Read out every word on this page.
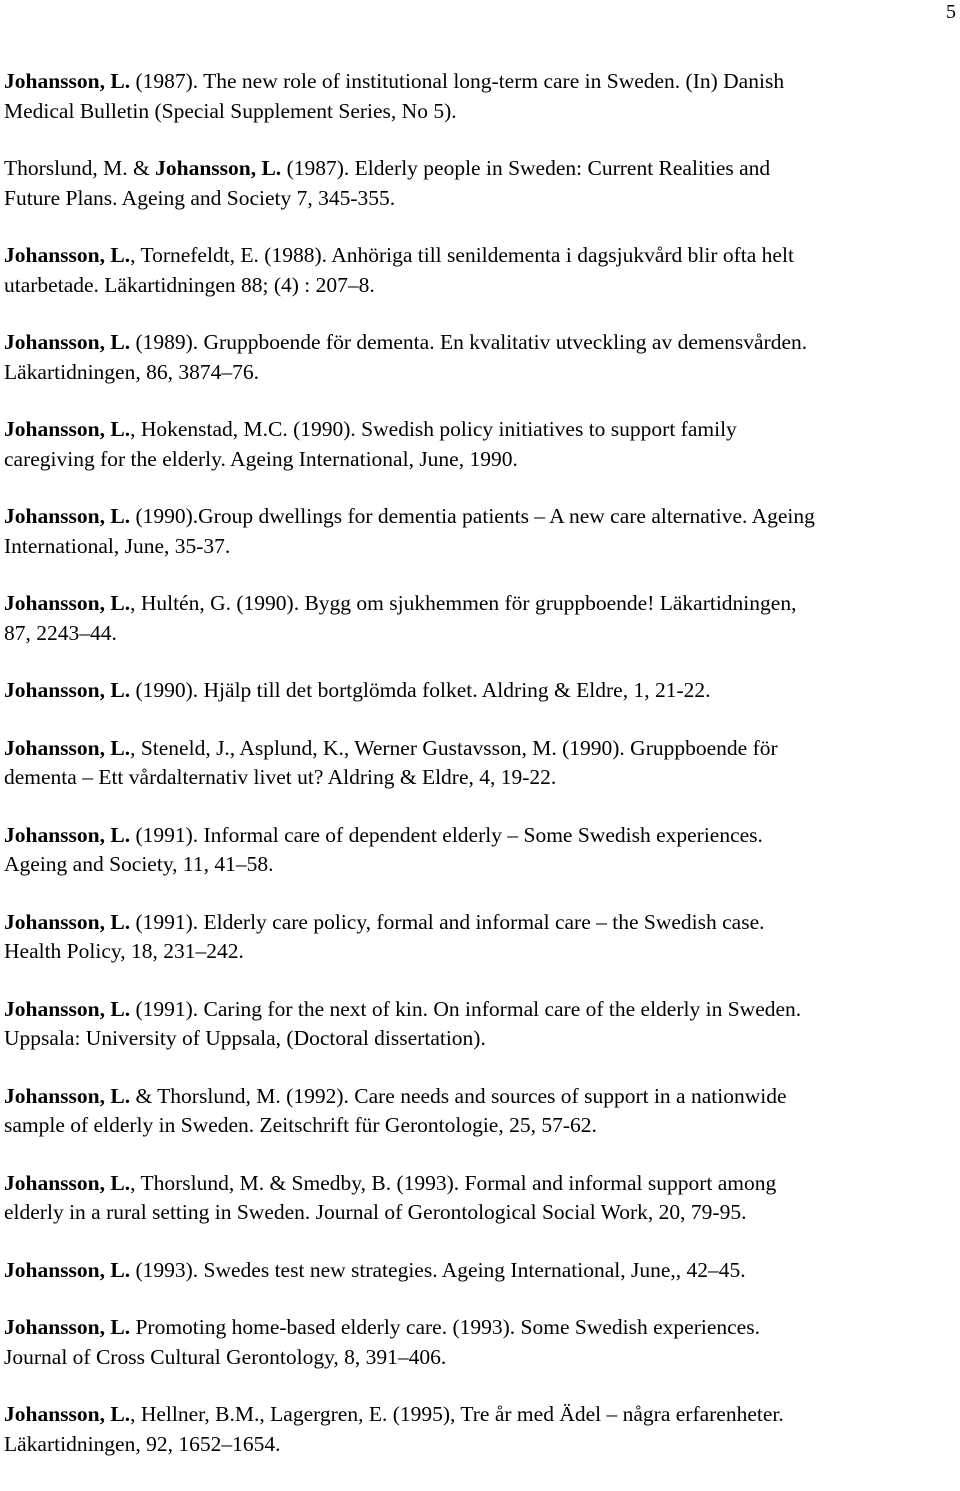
5
Johansson, L. (1987). The new role of institutional long-term care in Sweden. (In) Danish
Medical Bulletin (Special Supplement Series, No 5).
Thorslund, M. & Johansson, L. (1987). Elderly people in Sweden: Current Realities and
Future Plans. Ageing and Society 7, 345-355.
Johansson, L., Tornefeldt, E. (1988). Anhöriga till senildementa i dagsjukvård blir ofta helt
utarbetade. Läkartidningen 88; (4) : 207–8.
Johansson, L. (1989). Gruppboende för dementa. En kvalitativ utveckling av demensvården.
Läkartidningen, 86, 3874–76.
Johansson, L., Hokenstad, M.C. (1990). Swedish policy initiatives to support family
caregiving for the elderly. Ageing International, June, 1990.
Johansson, L. (1990).Group dwellings for dementia patients – A new care alternative. Ageing
International, June, 35-37.
Johansson, L., Hultén, G. (1990). Bygg om sjukhemmen för gruppboende! Läkartidningen,
87, 2243–44.
Johansson, L. (1990). Hjälp till det bortglömda folket. Aldring & Eldre, 1, 21-22.
Johansson, L., Steneld, J., Asplund, K., Werner Gustavsson, M. (1990). Gruppboende för
dementa – Ett vårdalternativ livet ut? Aldring & Eldre, 4, 19-22.
Johansson, L. (1991). Informal care of dependent elderly – Some Swedish experiences.
Ageing and Society, 11, 41–58.
Johansson, L. (1991). Elderly care policy, formal and informal care – the Swedish case.
Health Policy, 18, 231–242.
Johansson, L. (1991). Caring for the next of kin. On informal care of the elderly in Sweden.
Uppsala: University of Uppsala, (Doctoral dissertation).
Johansson, L. & Thorslund, M. (1992). Care needs and sources of support in a nationwide
sample of elderly in Sweden. Zeitschrift für Gerontologie, 25, 57-62.
Johansson, L., Thorslund, M. & Smedby, B. (1993). Formal and informal support among
elderly in a rural setting in Sweden. Journal of Gerontological Social Work, 20, 79-95.
Johansson, L. (1993). Swedes test new strategies. Ageing International, June,, 42–45.
Johansson, L. Promoting home-based elderly care. (1993). Some Swedish experiences.
Journal of Cross Cultural Gerontology, 8, 391–406.
Johansson, L., Hellner, B.M., Lagergren, E. (1995), Tre år med Ädel – några erfarenheter.
Läkartidningen, 92, 1652–1654.
